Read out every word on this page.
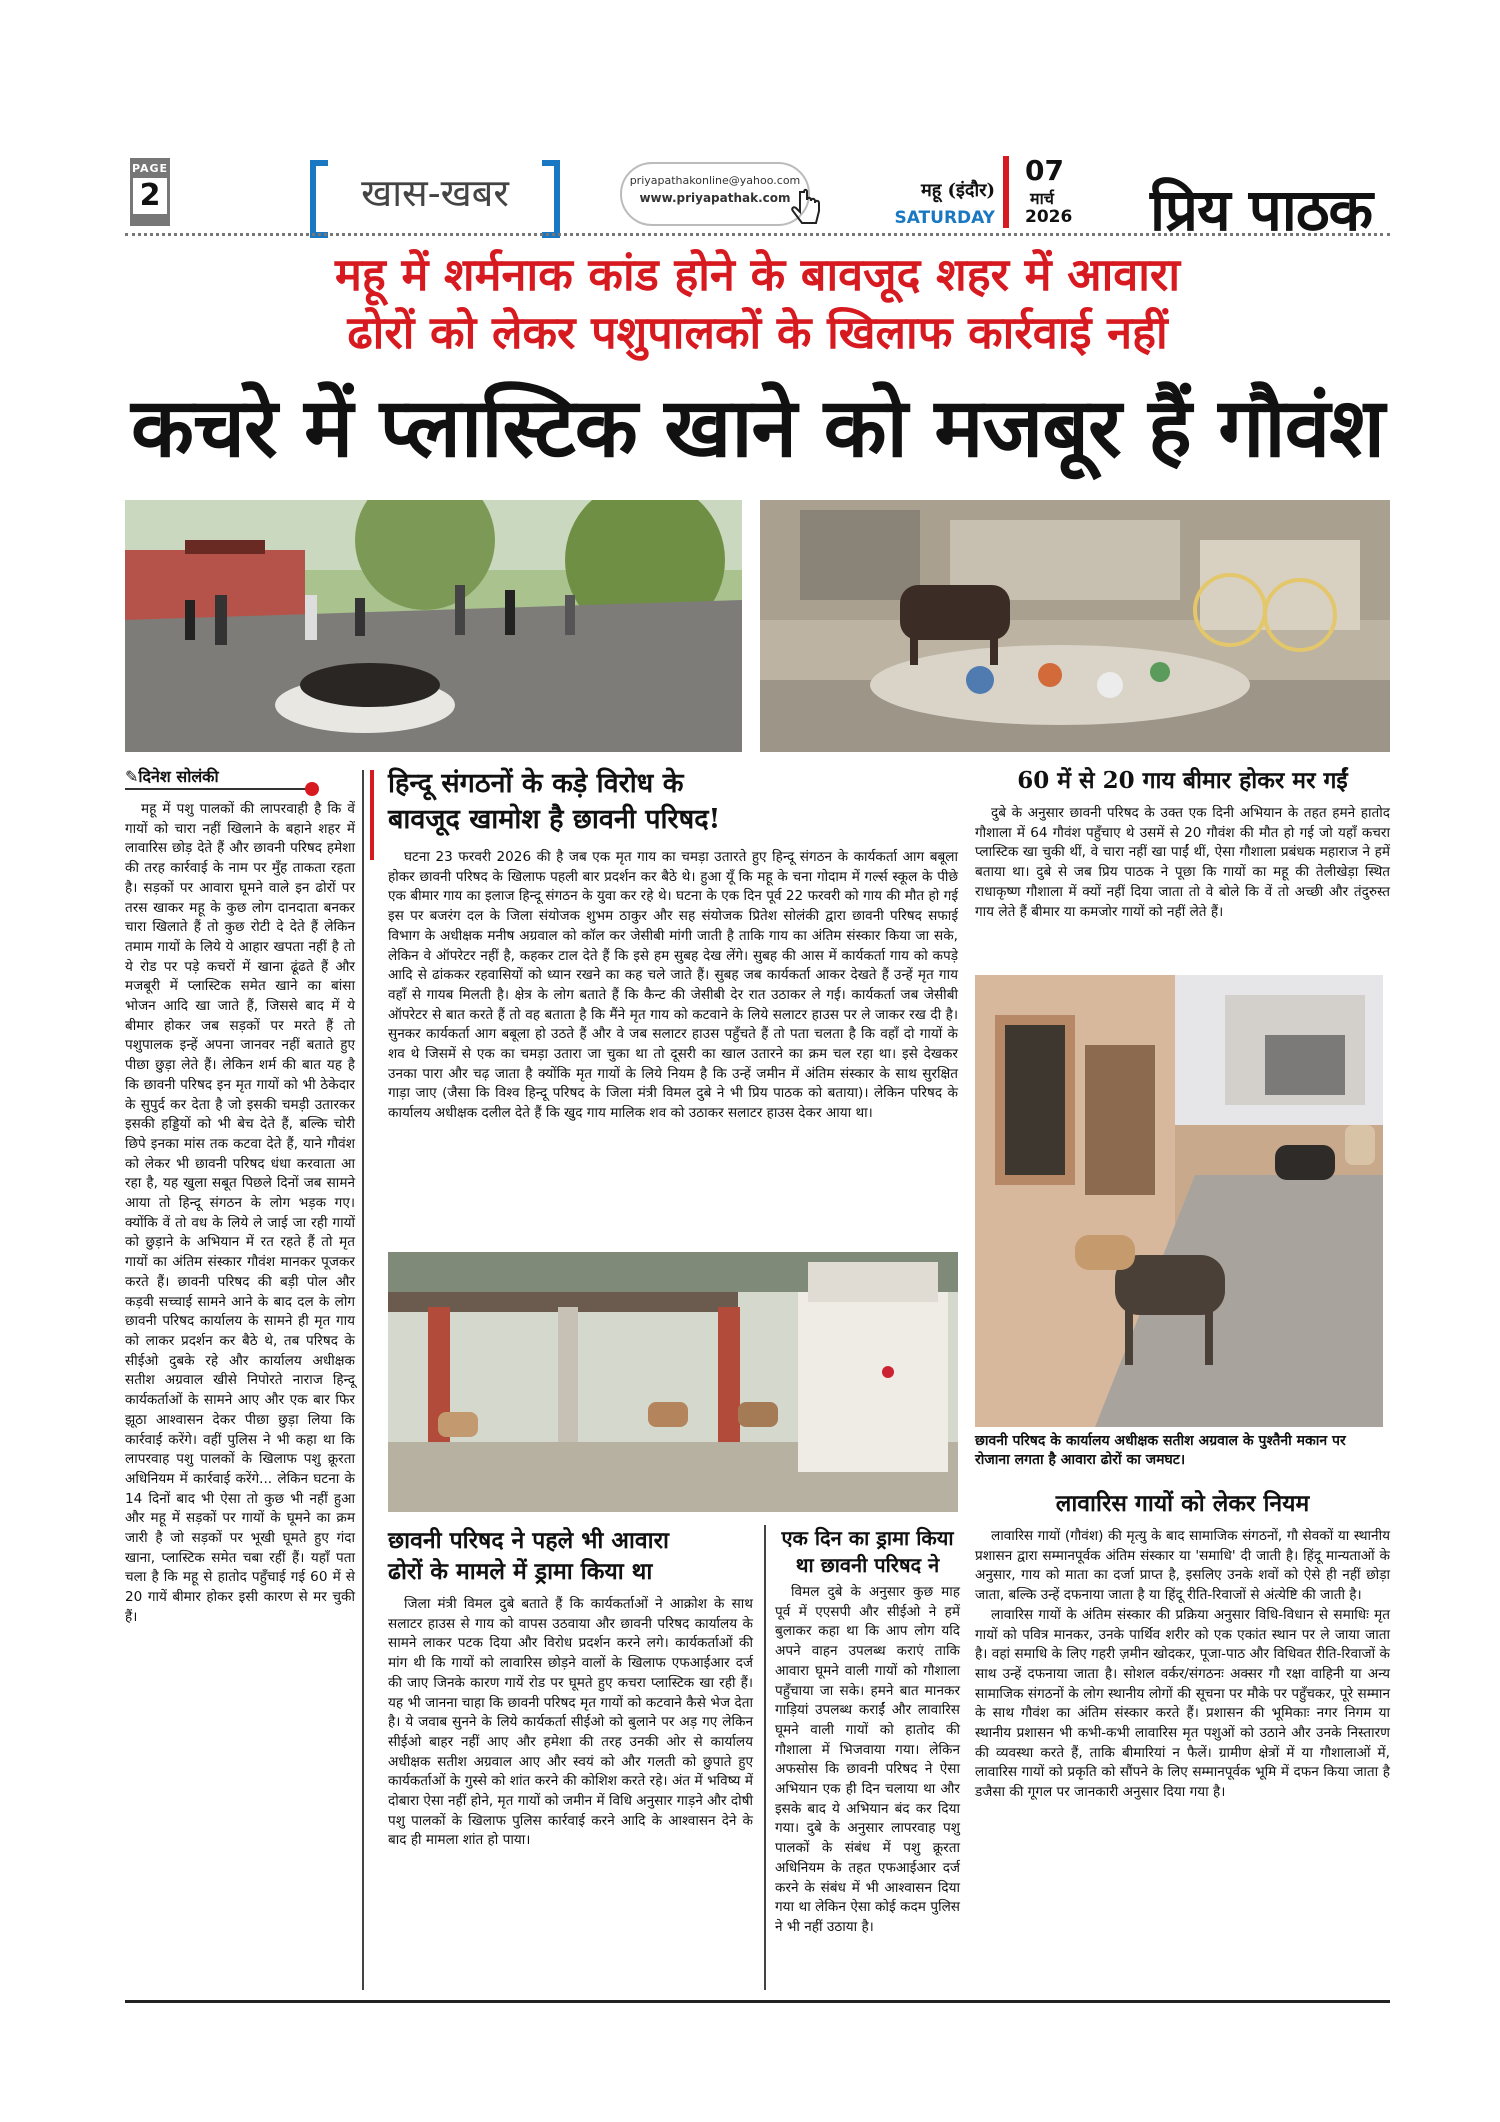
PAGE
2	खास-खबर	priyapathakonline@yahoo.com
www.priyapathak.com	महू (इंदौर)
SATURDAY
07
मार्च
2026 प्रिय पाठक
महू में शर्मनाक कांड होने के बावजूद शहर में आवारा
ढोरों को लेकर पशुपालकों के खिलाफ कार्रवाई नहीं
कचरे में प्लास्टिक खाने को मजबूर हैं गौवंश
✎दिनेश सोलंकी

महू में पशु पालकों की लापरवाही है कि वें गायों को चारा नहीं खिलाने के बहाने शहर में लावारिस छोड़ देते हैं और छावनी परिषद हमेशा की तरह कार्रवाई के नाम पर मुँह ताकता रहता है। सड़कों पर आवारा घूमने वाले इन ढोरों पर तरस खाकर महू के कुछ लोग दानदाता बनकर चारा खिलाते हैं तो कुछ रोटी दे देते हैं लेकिन तमाम गायों के लिये ये आहार खपता नहीं है तो ये रोड पर पड़े कचरों में खाना ढूंढते हैं और मजबूरी में प्लास्टिक समेत खाने का बांसा भोजन आदि खा जाते हैं, जिससे बाद में ये बीमार होकर जब सड़कों पर मरते हैं तो पशुपालक इन्हें अपना जानवर नहीं बताते हुए पीछा छुड़ा लेते हैं। लेकिन शर्म की बात यह है कि छावनी परिषद इन मृत गायों को भी ठेकेदार के सुपुर्द कर देता है जो इसकी चमड़ी उतारकर इसकी हड्डियों को भी बेच देते हैं, बल्कि चोरी छिपे इनका मांस तक कटवा देते हैं, याने गौवंश को लेकर भी छावनी परिषद धंधा करवाता आ रहा है, यह खुला सबूत पिछले दिनों जब सामने आया तो हिन्दू संगठन के लोग भड़क गए। क्योंकि वें तो वध के लिये ले जाई जा रही गायों को छुड़ाने के अभियान में रत रहते हैं तो मृत गायों का अंतिम संस्कार गौवंश मानकर पूजकर करते हैं। छावनी परिषद की बड़ी पोल और कड़वी सच्चाई सामने आने के बाद दल के लोग छावनी परिषद कार्यालय के सामने ही मृत गाय को लाकर प्रदर्शन कर बैठे थे, तब परिषद के सीईओ दुबके रहे और कार्यालय अधीक्षक सतीश अग्रवाल खीसे निपोरते नाराज हिन्दू कार्यकर्ताओं के सामने आए और एक बार फिर झूठा आश्वासन देकर पीछा छुड़ा लिया कि कार्रवाई करेंगे। वहीं पुलिस ने भी कहा था कि लापरवाह पशु पालकों के खिलाफ पशु क्रूरता अधिनियम में कार्रवाई करेंगे... लेकिन घटना के 14 दिनों बाद भी ऐसा तो कुछ भी नहीं हुआ और महू में सड़कों पर गायों के घूमने का क्रम जारी है जो सड़कों पर भूखी घूमते हुए गंदा खाना, प्लास्टिक समेत चबा रहीं हैं। यहाँ पता चला है कि महू से हातोद पहुँचाई गई 60 में से 20 गायें बीमार होकर इसी कारण से मर चुकी हैं।

हिन्दू संगठनों के कड़े विरोध के
बावजूद खामोश है छावनी परिषद!

घटना 23 फरवरी 2026 की है जब एक मृत गाय का चमड़ा उतारते हुए हिन्दू संगठन के कार्यकर्ता आग बबूला होकर छावनी परिषद के खिलाफ पहली बार प्रदर्शन कर बैठे थे। हुआ यूँ कि महू के चना गोदाम में गर्ल्स स्कूल के पीछे एक बीमार गाय का इलाज हिन्दू संगठन के युवा कर रहे थे। घटना के एक दिन पूर्व 22 फरवरी को गाय की मौत हो गई इस पर बजरंग दल के जिला संयोजक शुभम ठाकुर और सह संयोजक प्रितेश सोलंकी द्वारा छावनी परिषद सफाई विभाग के अधीक्षक मनीष अग्रवाल को कॉल कर जेसीबी मांगी जाती है ताकि गाय का अंतिम संस्कार किया जा सके, लेकिन वे ऑपरेटर नहीं है, कहकर टाल देते हैं कि इसे हम सुबह देख लेंगे। सुबह की आस में कार्यकर्ता गाय को कपड़े आदि से ढांककर रहवासियों को ध्यान रखने का कह चले जाते हैं। सुबह जब कार्यकर्ता आकर देखते हैं उन्हें मृत गाय वहाँ से गायब मिलती है। क्षेत्र के लोग बताते हैं कि कैन्ट की जेसीबी देर रात उठाकर ले गई। कार्यकर्ता जब जेसीबी ऑपरेटर से बात करते हैं तो वह बताता है कि मैंने मृत गाय को कटवाने के लिये सलाटर हाउस पर ले जाकर रख दी है। सुनकर कार्यकर्ता आग बबूला हो उठते हैं और वे जब सलाटर हाउस पहुँचते हैं तो पता चलता है कि वहाँ दो गायों के शव थे जिसमें से एक का चमड़ा उतारा जा चुका था तो दूसरी का खाल उतारने का क्रम चल रहा था। इसे देखकर उनका पारा और चढ़ जाता है क्योंकि मृत गायों के लिये नियम है कि उन्हें जमीन में अंतिम संस्कार के साथ सुरक्षित गाड़ा जाए (जैसा कि विश्व हिन्दू परिषद के जिला मंत्री विमल दुबे ने भी प्रिय पाठक को बताया)। लेकिन परिषद के कार्यालय अधीक्षक दलील देते हैं कि खुद गाय मालिक शव को उठाकर सलाटर हाउस देकर आया था।

60 में से 20 गाय बीमार होकर मर गईं

दुबे के अनुसार छावनी परिषद के उक्त एक दिनी अभियान के तहत हमने हातोद गौशाला में 64 गौवंश पहुँचाए थे उसमें से 20 गौवंश की मौत हो गई जो यहाँ कचरा प्लास्टिक खा चुकी थीं, वे चारा नहीं खा पाईं थीं, ऐसा गौशाला प्रबंधक महाराज ने हमें बताया था। दुबे से जब प्रिय पाठक ने पूछा कि गायों का महू की तेलीखेड़ा स्थित राधाकृष्ण गौशाला में क्यों नहीं दिया जाता तो वे बोले कि वें तो अच्छी और तंदुरुस्त गाय लेते हैं बीमार या कमजोर गायों को नहीं लेते हैं।

छावनी परिषद के कार्यालय अधीक्षक सतीश अग्रवाल के पुश्तैनी मकान पर रोजाना लगता है आवारा ढोरों का जमघट।
छावनी परिषद ने पहले भी आवारा
ढोरों के मामले में ड्रामा किया था

जिला मंत्री विमल दुबे बताते हैं कि कार्यकर्ताओं ने आक्रोश के साथ सलाटर हाउस से गाय को वापस उठवाया और छावनी परिषद कार्यालय के सामने लाकर पटक दिया और विरोध प्रदर्शन करने लगे। कार्यकर्ताओं की मांग थी कि गायों को लावारिस छोड़ने वालों के खिलाफ एफआईआर दर्ज की जाए जिनके कारण गायें रोड पर घूमते हुए कचरा प्लास्टिक खा रही हैं। यह भी जानना चाहा कि छावनी परिषद मृत गायों को कटवाने कैसे भेज देता है। ये जवाब सुनने के लिये कार्यकर्ता सीईओ को बुलाने पर अड़ गए लेकिन सीईओ बाहर नहीं आए और हमेशा की तरह उनकी ओर से कार्यालय अधीक्षक सतीश अग्रवाल आए और स्वयं को और गलती को छुपाते हुए कार्यकर्ताओं के गुस्से को शांत करने की कोशिश करते रहे। अंत में भविष्य में दोबारा ऐसा नहीं होने, मृत गायों को जमीन में विधि अनुसार गाड़ने और दोषी पशु पालकों के खिलाफ पुलिस कार्रवाई करने आदि के आश्वासन देने के बाद ही मामला शांत हो पाया।

एक दिन का ड्रामा किया
था छावनी परिषद ने

विमल दुबे के अनुसार कुछ माह पूर्व में एएसपी और सीईओ ने हमें बुलाकर कहा था कि आप लोग यदि अपने वाहन उपलब्ध कराएं ताकि आवारा घूमने वाली गायों को गौशाला पहुँचाया जा सके। हमने बात मानकर गाड़ियां उपलब्ध कराईं और लावारिस घूमने वाली गायों को हातोद की गौशाला में भिजवाया गया। लेकिन अफसोस कि छावनी परिषद ने ऐसा अभियान एक ही दिन चलाया था और इसके बाद ये अभियान बंद कर दिया गया। दुबे के अनुसार लापरवाह पशु पालकों के संबंध में पशु क्रूरता अधिनियम के तहत एफआईआर दर्ज करने के संबंध में भी आश्वासन दिया गया था लेकिन ऐसा कोई कदम पुलिस ने भी नहीं उठाया है।

लावारिस गायों को लेकर नियम

लावारिस गायों (गौवंश) की मृत्यु के बाद सामाजिक संगठनों, गौ सेवकों या स्थानीय प्रशासन द्वारा सम्मानपूर्वक अंतिम संस्कार या 'समाधि' दी जाती है। हिंदू मान्यताओं के अनुसार, गाय को माता का दर्जा प्राप्त है, इसलिए उनके शवों को ऐसे ही नहीं छोड़ा जाता, बल्कि उन्हें दफनाया जाता है या हिंदू रीति-रिवाजों से अंत्येष्टि की जाती है।

लावारिस गायों के अंतिम संस्कार की प्रक्रिया अनुसार विधि-विधान से समाधिः मृत गायों को पवित्र मानकर, उनके पार्थिव शरीर को एक एकांत स्थान पर ले जाया जाता है। वहां समाधि के लिए गहरी ज़मीन खोदकर, पूजा-पाठ और विधिवत रीति-रिवाजों के साथ उन्हें दफनाया जाता है। सोशल वर्कर/संगठनः अक्सर गौ रक्षा वाहिनी या अन्य सामाजिक संगठनों के लोग स्थानीय लोगों की सूचना पर मौके पर पहुँचकर, पूरे सम्मान के साथ गौवंश का अंतिम संस्कार करते हैं। प्रशासन की भूमिकाः नगर निगम या स्थानीय प्रशासन भी कभी-कभी लावारिस मृत पशुओं को उठाने और उनके निस्तारण की व्यवस्था करते हैं, ताकि बीमारियां न फैलें। ग्रामीण क्षेत्रों में या गौशालाओं में, लावारिस गायों को प्रकृति को सौंपने के लिए सम्मानपूर्वक भूमि में दफन किया जाता है डजैसा की गूगल पर जानकारी अनुसार दिया गया है।
